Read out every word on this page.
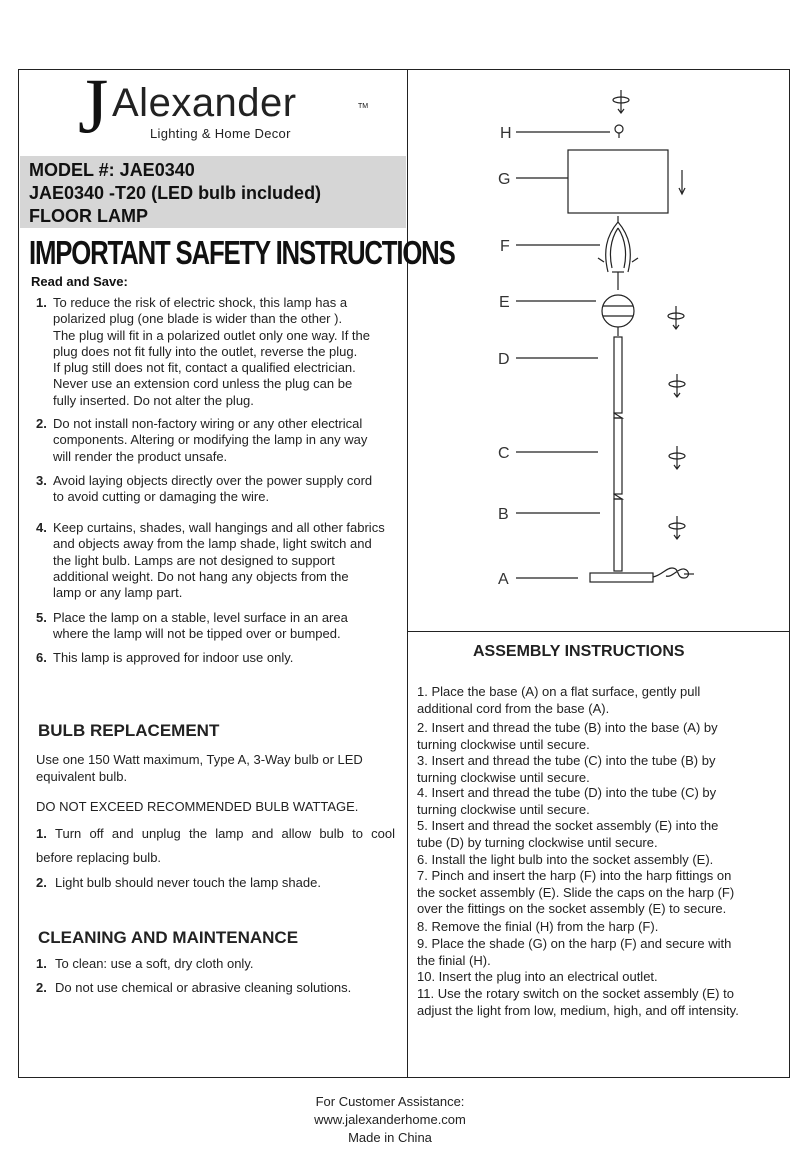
J Alexander	TM
Lighting & Home Decor
MODEL #: JAE0340
JAE0340 -T20 (LED bulb included)
FLOOR LAMP
IMPORTANT SAFETY INSTRUCTIONS
Read and Save:
1. To reduce the risk of electric shock, this lamp has a
polarized plug (one blade is wider than the other ).
The plug will fit in a polarized outlet only one way. If the
plug does not fit fully into the outlet, reverse the plug.
If plug still does not fit, contact a qualified electrician.
Never use an extension cord unless the plug can be
fully inserted. Do not alter the plug.
2. Do not install non-factory wiring or any other electrical
components. Altering or modifying the lamp in any way
will render the product unsafe.
3. Avoid laying objects directly over the power supply cord
to avoid cutting or damaging the wire.
4. Keep curtains, shades, wall hangings and all other fabrics
and objects away from the lamp shade, light switch and
the light bulb. Lamps are not designed to support
additional weight. Do not hang any objects from the
lamp or any lamp part.
5. Place the lamp on a stable, level surface in an area
where the lamp will not be tipped over or bumped.
6. This lamp is approved for indoor use only.
BULB REPLACEMENT
Use one 150 Watt maximum, Type A, 3-Way bulb or LED equivalent bulb.
DO NOT EXCEED RECOMMENDED BULB WATTAGE.
1. Turn off and unplug the lamp and allow bulb to cool
before replacing bulb.
2. Light bulb should never touch the lamp shade.
CLEANING AND MAINTENANCE
1. To clean: use a soft, dry cloth only.
2. Do not use chemical or abrasive cleaning solutions.
ASSEMBLY INSTRUCTIONS
1. Place the base (A) on a flat surface, gently pull
additional cord from the base (A).
2. Insert and thread the tube (B) into the base (A) by
turning clockwise until secure.
3. Insert and thread the tube (C) into the tube (B) by
turning clockwise until secure.
4. Insert and thread the tube (D) into the tube (C) by
turning clockwise until secure.
5. Insert and thread the socket assembly (E) into the
tube (D) by turning clockwise until secure.
6. Install the light bulb into the socket assembly (E).
7. Pinch and insert the harp (F) into the harp fittings on
the socket assembly (E). Slide the caps on the harp (F)
over the fittings on the socket assembly (E) to secure.
8. Remove the finial (H) from the harp (F).
9. Place the shade (G) on the harp (F) and secure with
the finial (H).
10. Insert the plug into an electrical outlet.
11. Use the rotary switch on the socket assembly (E) to
adjust the light from low, medium, high, and off intensity.
H
G
F
E
D
C
B
A
For Customer Assistance:
www.jalexanderhome.com
Made in China
